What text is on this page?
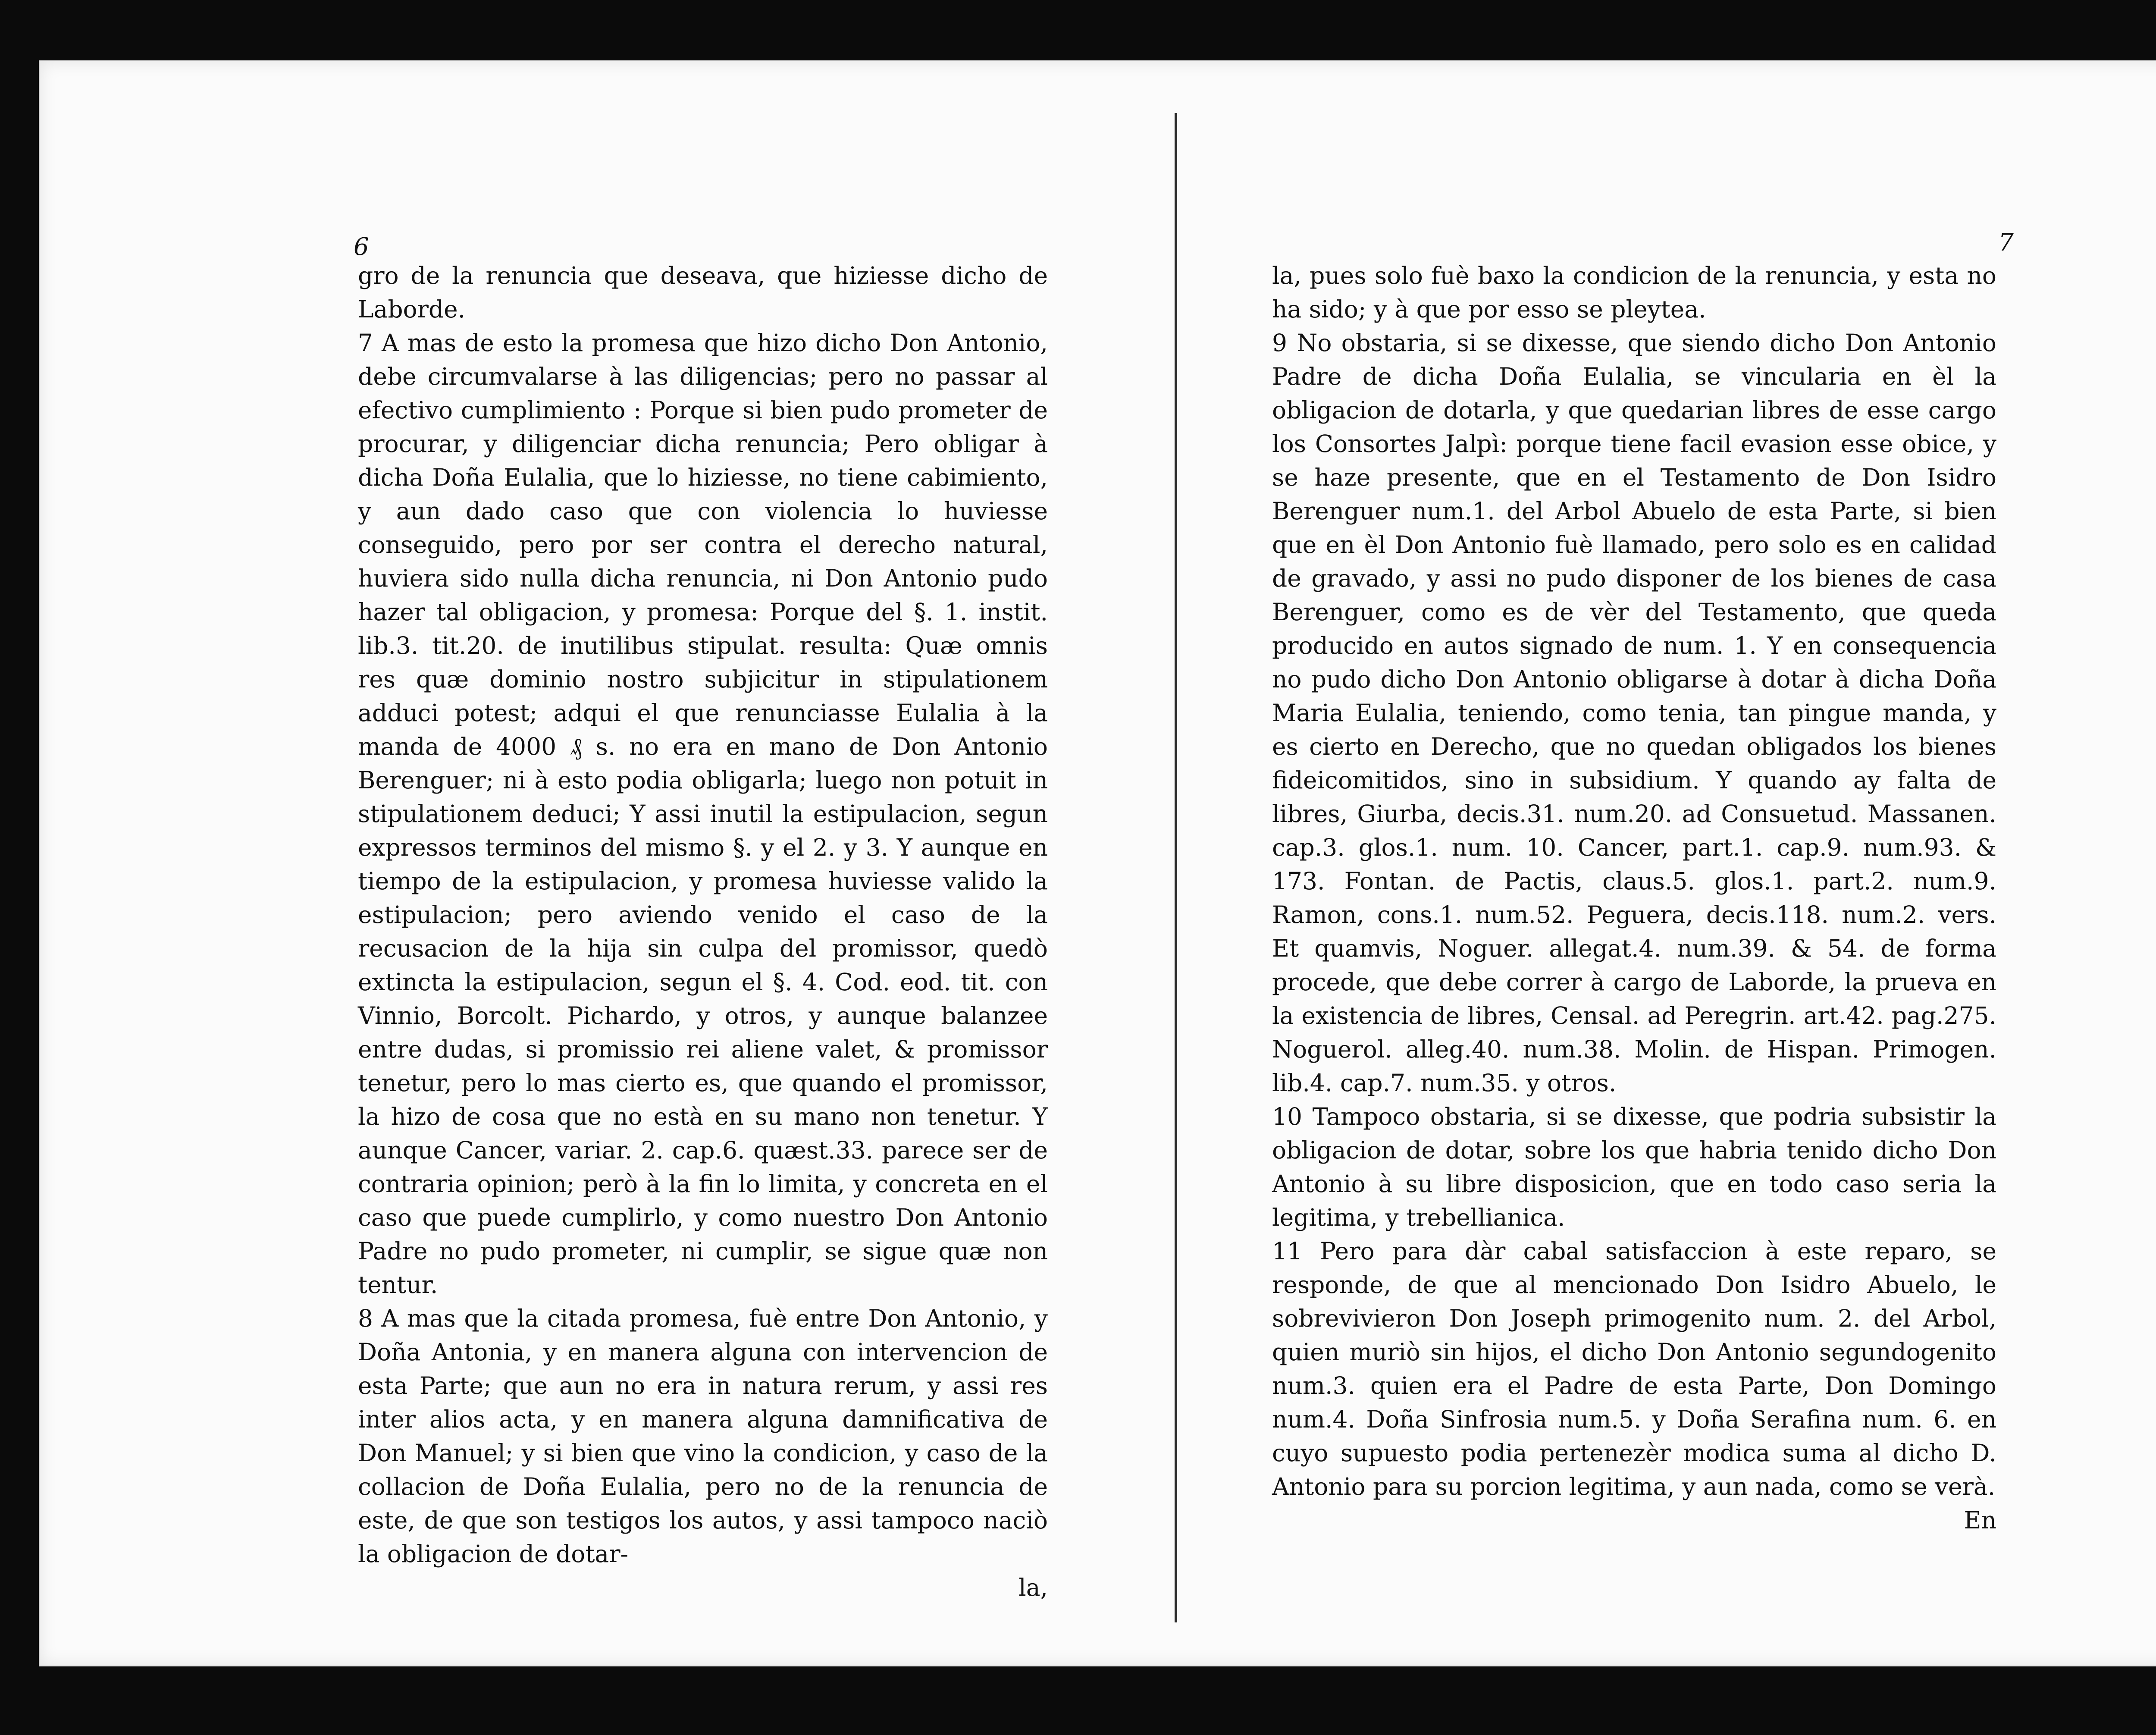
6

gro de la renuncia que deseava, que hiziesse dicho de Laborde.

7 A mas de esto la promesa que hizo dicho Don Antonio, debe circumvalarse à las diligencias; pero no passar al efectivo cumplimiento : Porque si bien pudo prometer de procurar, y diligenciar dicha renuncia; Pero obligar à dicha Doña Eulalia, que lo hiziesse, no tiene cabimiento, y aun dado caso que con violencia lo huviesse conseguido, pero por ser contra el derecho natural, huviera sido nulla dicha renuncia, ni Don Antonio pudo hazer tal obligacion, y promesa: Porque del §. 1. instit. lib.3. tit.20. de inutilibus stipulat. resulta: Quæ omnis res quæ dominio nostro subjicitur in stipulationem adduci potest; adqui el que renunciasse Eulalia à la manda de 4000 ₰ s. no era en mano de Don Antonio Berenguer; ni à esto podia obligarla; luego non potuit in stipulationem deduci; Y assi inutil la estipulacion, segun expressos terminos del mismo §. y el 2. y 3. Y aunque en tiempo de la estipulacion, y promesa huviesse valido la estipulacion; pero aviendo venido el caso de la recusacion de la hija sin culpa del promissor, quedò extincta la estipulacion, segun el §. 4. Cod. eod. tit. con Vinnio, Borcolt. Pichardo, y otros, y aunque balanzee entre dudas, si promissio rei aliene valet, & promissor tenetur, pero lo mas cierto es, que quando el promissor, la hizo de cosa que no està en su mano non tenetur. Y aunque Cancer, variar. 2. cap.6. quæst.33. parece ser de contraria opinion; però à la fin lo limita, y concreta en el caso que puede cumplirlo, y como nuestro Don Antonio Padre no pudo prometer, ni cumplir, se sigue quæ non tentur.

8 A mas que la citada promesa, fuè entre Don Antonio, y Doña Antonia, y en manera alguna con intervencion de esta Parte; que aun no era in natura rerum, y assi res inter alios acta, y en manera alguna damnificativa de Don Manuel; y si bien que vino la condicion, y caso de la collacion de Doña Eulalia, pero no de la renuncia de este, de que son testigos los autos, y assi tampoco naciò la obligacion de dotar-

la,

7

la, pues solo fuè baxo la condicion de la renuncia, y esta no ha sido; y à que por esso se pleytea.

9 No obstaria, si se dixesse, que siendo dicho Don Antonio Padre de dicha Doña Eulalia, se vincularia en èl la obligacion de dotarla, y que quedarian libres de esse cargo los Consortes Jalpì: porque tiene facil evasion esse obice, y se haze presente, que en el Testamento de Don Isidro Berenguer num.1. del Arbol Abuelo de esta Parte, si bien que en èl Don Antonio fuè llamado, pero solo es en calidad de gravado, y assi no pudo disponer de los bienes de casa Berenguer, como es de vèr del Testamento, que queda producido en autos signado de num. 1. Y en consequencia no pudo dicho Don Antonio obligarse à dotar à dicha Doña Maria Eulalia, teniendo, como tenia, tan pingue manda, y es cierto en Derecho, que no quedan obligados los bienes fideicomitidos, sino in subsidium. Y quando ay falta de libres, Giurba, decis.31. num.20. ad Consuetud. Massanen. cap.3. glos.1. num. 10. Cancer, part.1. cap.9. num.93. & 173. Fontan. de Pactis, claus.5. glos.1. part.2. num.9. Ramon, cons.1. num.52. Peguera, decis.118. num.2. vers. Et quamvis, Noguer. allegat.4. num.39. & 54. de forma procede, que debe correr à cargo de Laborde, la prueva en la existencia de libres, Censal. ad Peregrin. art.42. pag.275. Noguerol. alleg.40. num.38. Molin. de Hispan. Primogen. lib.4. cap.7. num.35. y otros.

10 Tampoco obstaria, si se dixesse, que podria subsistir la obligacion de dotar, sobre los que habria tenido dicho Don Antonio à su libre disposicion, que en todo caso seria la legitima, y trebellianica.

11 Pero para dàr cabal satisfaccion à este reparo, se responde, de que al mencionado Don Isidro Abuelo, le sobrevivieron Don Joseph primogenito num. 2. del Arbol, quien muriò sin hijos, el dicho Don Antonio segundogenito num.3. quien era el Padre de esta Parte, Don Domingo num.4. Doña Sinfrosia num.5. y Doña Serafina num. 6. en cuyo supuesto podia pertenezèr modica suma al dicho D. Antonio para su porcion legitima, y aun nada, como se verà.

En
